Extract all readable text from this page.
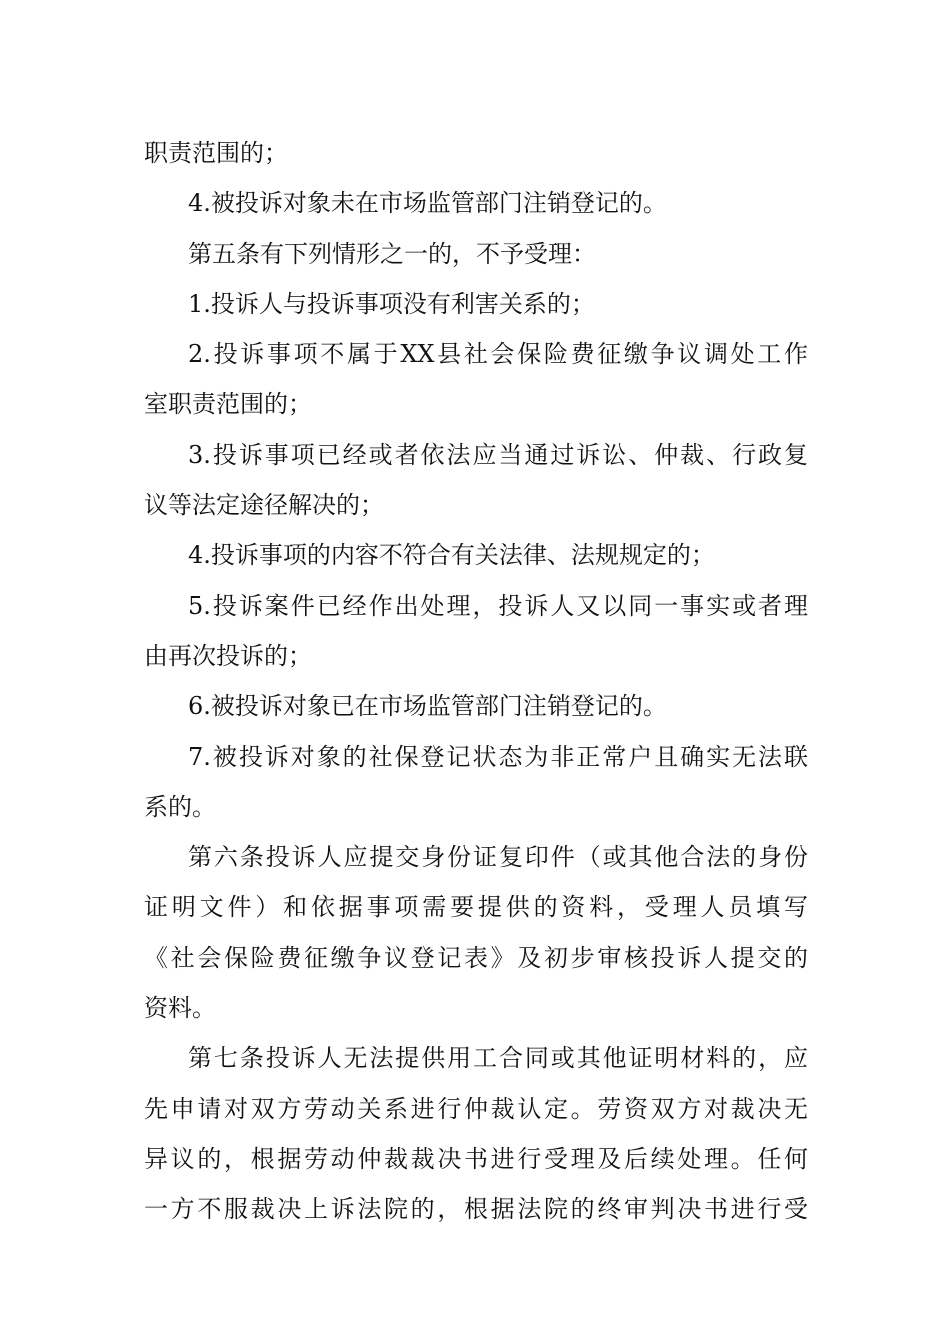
职责范围的；
4.被投诉对象未在市场监管部门注销登记的。
第五条有下列情形之一的，不予受理：
1.投诉人与投诉事项没有利害关系的；
2.投诉事项不属于XX县社会保险费征缴争议调处工作
室职责范围的；
3.投诉事项已经或者依法应当通过诉讼、仲裁、行政复
议等法定途径解决的；
4.投诉事项的内容不符合有关法律、法规规定的；
5.投诉案件已经作出处理，投诉人又以同一事实或者理
由再次投诉的；
6.被投诉对象已在市场监管部门注销登记的。
7.被投诉对象的社保登记状态为非正常户且确实无法联
系的。
第六条投诉人应提交身份证复印件（或其他合法的身份
证明文件）和依据事项需要提供的资料，受理人员填写
《社会保险费征缴争议登记表》及初步审核投诉人提交的
资料。
第七条投诉人无法提供用工合同或其他证明材料的，应
先申请对双方劳动关系进行仲裁认定。劳资双方对裁决无
异议的，根据劳动仲裁裁决书进行受理及后续处理。任何
一方不服裁决上诉法院的，根据法院的终审判决书进行受
